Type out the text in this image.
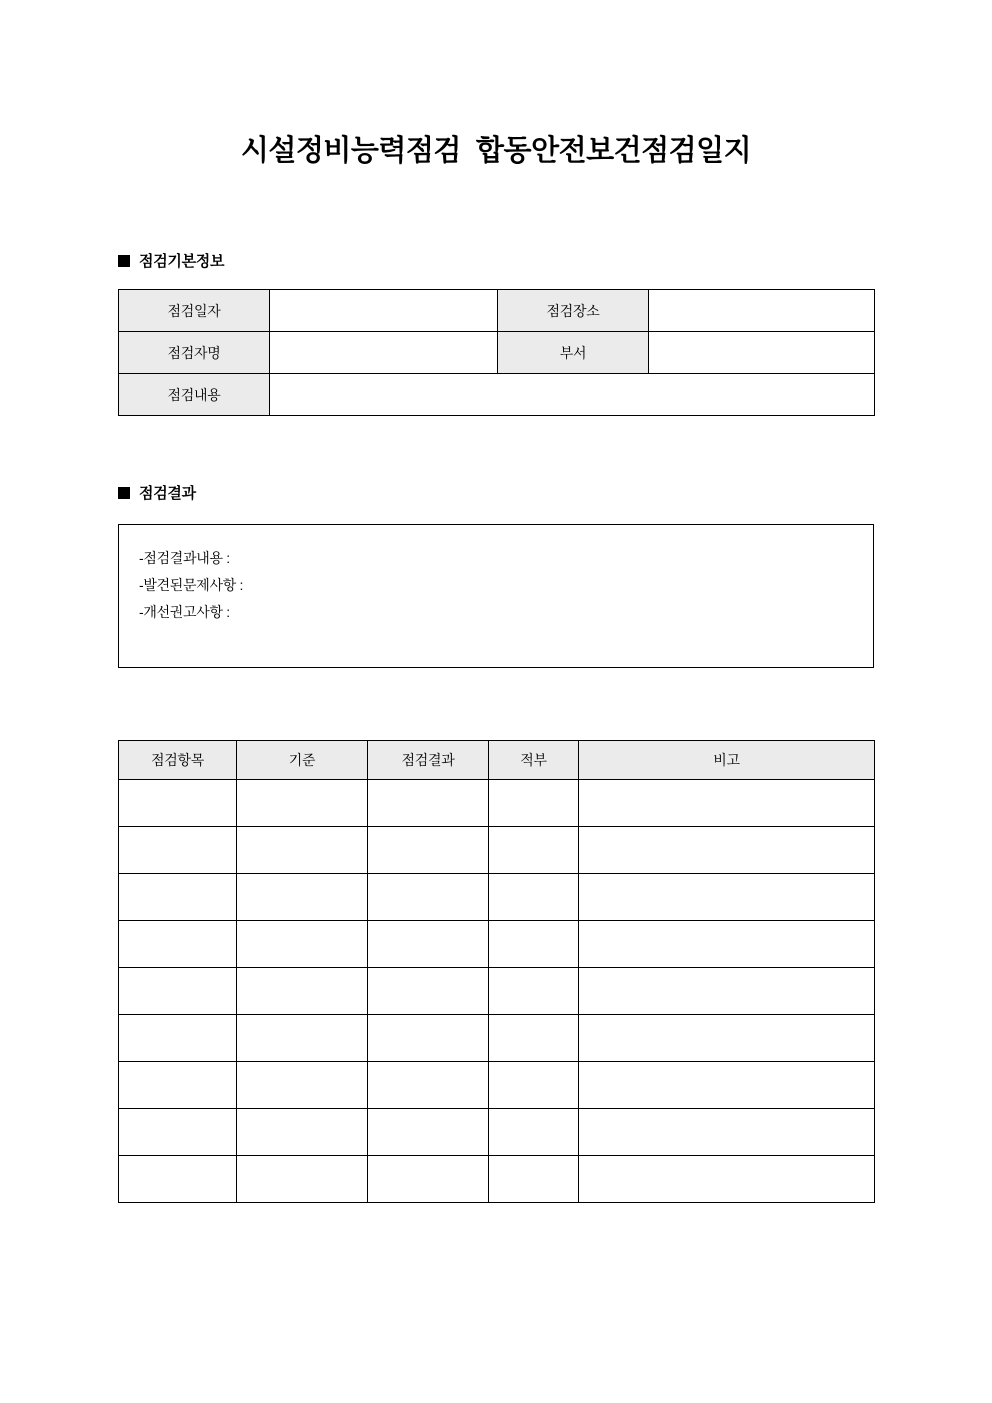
시설정비능력점검  합동안전보건점검일지
점검기본정보
점검일자		점검장소	
점검자명		부서	
점검내용			
점검결과
-점검결과내용 :
-발견된문제사항 :
-개선권고사항 :
점검항목	기준	점검결과	적부	비고
